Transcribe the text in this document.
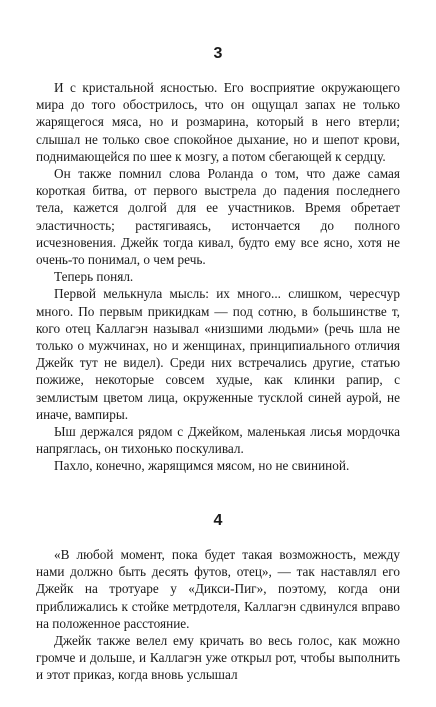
3

И с кристальной ясностью. Его восприятие окружающего мира до того обострилось, что он ощущал запах не только жарящегося мяса, но и розмарина, который в него втерли; слышал не только свое спокойное дыхание, но и шепот крови, поднимающейся по шее к мозгу, а потом сбегающей к сердцу.

Он также помнил слова Роланда о том, что даже самая короткая битва, от первого выстрела до падения последнего тела, кажется долгой для ее участников. Время обретает эластичность; растягиваясь, истончается до полного исчезновения. Джейк тогда кивал, будто ему все ясно, хотя не очень-то понимал, о чем речь.

Теперь понял.

Первой мелькнула мысль: их много... слишком, чересчур много. По первым прикидкам — под сотню, в большинстве т, кого отец Каллагэн называл «низшими людьми» (речь шла не только о мужчинах, но и женщинах, принципиального отличия Джейк тут не видел). Среди них встречались другие, статью пожиже, некоторые совсем худые, как клинки рапир, с землистым цветом лица, окруженные тусклой синей аурой, не иначе, вампиры.

Ыш держался рядом с Джейком, маленькая лисья мордочка напряглась, он тихонько поскуливал.

Пахло, конечно, жарящимся мясом, но не свининой.

4

«В любой момент, пока будет такая возможность, между нами должно быть десять футов, отец», — так наставлял его Джейк на тротуаре у «Дикси-Пиг», поэтому, когда они приближались к стойке метрдотеля, Каллагэн сдвинулся вправо на положенное расстояние.

Джейк также велел ему кричать во весь голос, как можно громче и дольше, и Каллагэн уже открыл рот, чтобы выполнить и этот приказ, когда вновь услышал
